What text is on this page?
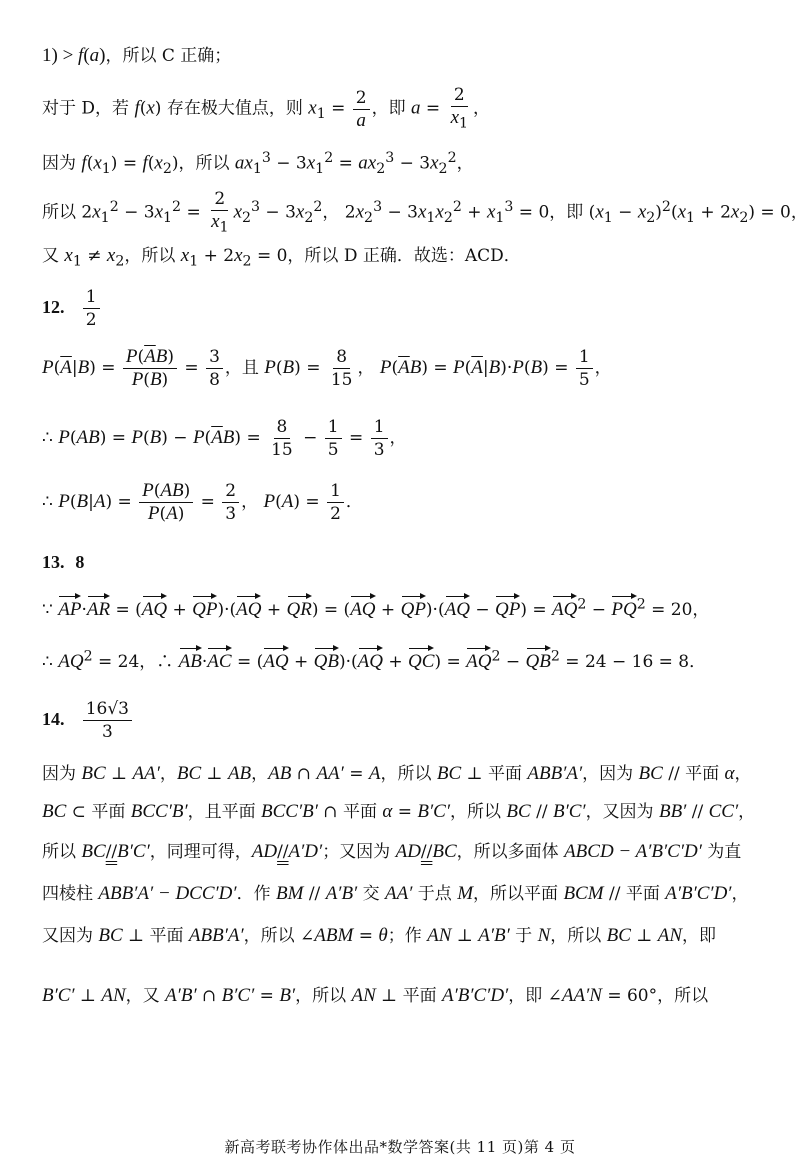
1) > f(a)，所以 C 正确；
对于 D，若 f(x) 存在极大值点，则 $x_1 = \frac{2}{a}$ ，即 $a = \frac{2}{x_1}$ ，
因为 $f(x_1) = f(x_2)$，所以 $ax_1^3 - 3x_1^2 = ax_2^3 - 3x_2^2$，
所以 $2x_1^2 - 3x_1^2 = \frac{2}{x_1} x_2^3 - 3x_2^2$， $2x_2^3 - 3x_1x_2^2 + x_1^3 = 0$，即 $(x_1 - x_2)^2(x_1 + 2x_2) = 0$，
又 $x_1 \ne x_2$，所以 $x_1 + 2x_2 = 0$，所以 D 正确．故选：ACD．
12. $\frac{1}{2}$
$P(\overline{A}|B) = \frac{P(\overline{A}B)}{P(B)} = \frac{3}{8}$ ，且 $P(B) = \frac{8}{15}$ ， $P(\overline{A}B) = P(\overline{A}|B)\cdot P(B) = \frac{1}{5}$ ，
∴ $P(AB) = P(B) - P(\overline{A}B) = \frac{8}{15} - \frac{1}{5} = \frac{1}{3}$ ，
∴ $P(B|A) = \frac{P(AB)}{P(A)} = \frac{2}{3}$ ， $P(A) = \frac{1}{2}$ ．
13. 8
∵ $AP\cdot AR = (AQ + QP)\cdot(AQ + QR) = (AQ + QP)\cdot(AQ - QP) = AQ^2 - PQ^2 = 20$，
∴ $AQ^2 = 24$，∴ $AB\cdot AC = (AQ + QB)\cdot(AQ + QC) = AQ^2 - QB^2 = 24 - 16 = 8$．
14. $\frac{16√3}{3}$
因为 BC ⊥ AA′，BC ⊥ AB，AB ∩ AA′ = A，所以 BC ⊥ 平面 ABB′A′，因为 BC // 平面 α，
BC ⊂ 平面 BCC′B′，且平面 BCC′B′ ∩ 平面 α = B′C′，所以 BC // B′C′，又因为 BB′ // CC′，
所以 BC//B′C′，同理可得，AD//A′D′；又因为 AD//BC，所以多面体 ABCD − A′B′C′D′ 为直
四棱柱 ABB′A′ − DCC′D′．作 BM // A′B′ 交 AA′ 于点 M，所以平面 BCM // 平面 A′B′C′D′，
又因为 BC ⊥ 平面 ABB′A′，所以 ∠ABM = θ；作 AN ⊥ A′B′ 于 N，所以 BC ⊥ AN，即
B′C′ ⊥ AN，又 A′B′ ∩ B′C′ = B′，所以 AN ⊥ 平面 A′B′C′D′，即 ∠AA′N = 60°，所以
新高考联考协作体出品*数学答案(共 11 页)第 4 页
